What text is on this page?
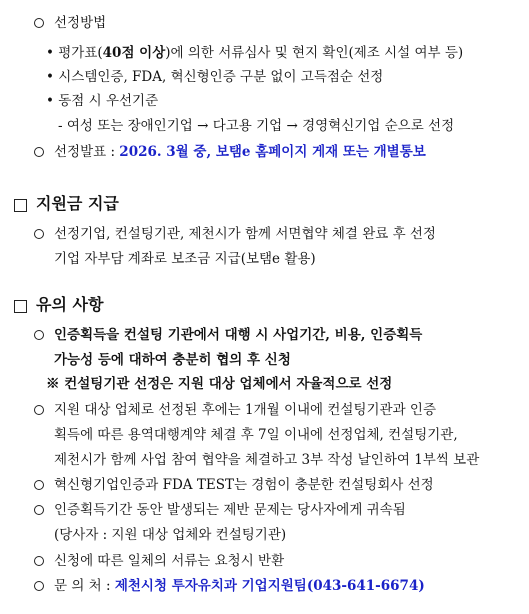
선정방법
• 평가표(40점 이상)에 의한 서류심사 및 현지 확인(제조 시설 여부 등)
• 시스템인증, FDA, 혁신형인증 구분 없이 고득점순 선정
• 동점 시 우선기준
- 여성 또는 장애인기업 → 다고용 기업 → 경영혁신기업 순으로 선정
선정발표 : 2026. 3월 중, 보탬e 홈페이지 게재 또는 개별통보
지원금 지급
선정기업, 컨설팅기관, 제천시가 함께 서면협약 체결 완료 후 선정
기업 자부담 계좌로 보조금 지급(보탬e 활용)
유의 사항
인증획득을 컨설팅 기관에서 대행 시 사업기간, 비용, 인증획득
가능성 등에 대하여 충분히 협의 후 신청
※ 컨설팅기관 선정은 지원 대상 업체에서 자율적으로 선정
지원 대상 업체로 선정된 후에는 1개월 이내에 컨설팅기관과 인증
획득에 따른 용역대행계약 체결 후 7일 이내에 선정업체, 컨설팅기관,
제천시가 함께 사업 참여 협약을 체결하고 3부 작성 날인하여 1부씩 보관
혁신형기업인증과 FDA TEST는 경험이 충분한 컨설팅회사 선정
인증획득기간 동안 발생되는 제반 문제는 당사자에게 귀속됨
(당사자 : 지원 대상 업체와 컨설팅기관)
신청에 따른 일체의 서류는 요청시 반환
문 의 처 : 제천시청 투자유치과 기업지원팀(043-641-6674)
